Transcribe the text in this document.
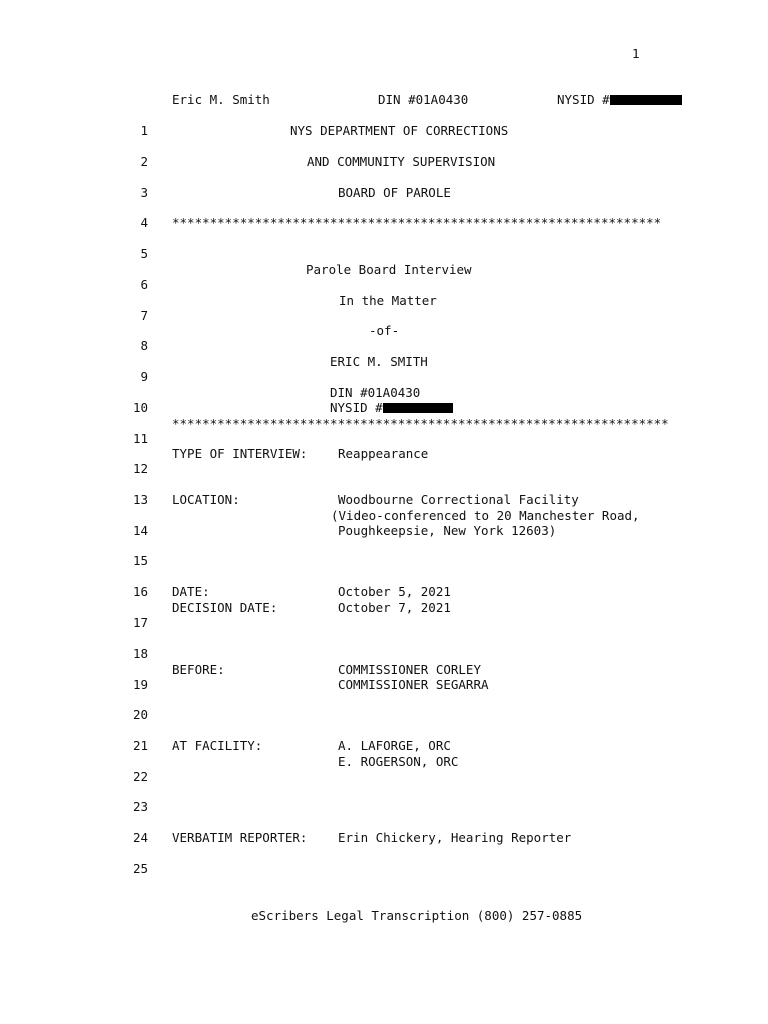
1
Eric M. Smith	DIN #01A0430	NYSID #
1
2
3
4
5
6
7
8
9
10
11
12
13
14
15
16
17
18
19
20
21
22
23
24
25
NYS DEPARTMENT OF CORRECTIONS
AND COMMUNITY SUPERVISION
BOARD OF PAROLE
*****************************************************************
Parole Board Interview
In the Matter
-of-
ERIC M. SMITH
DIN #01A0430
NYSID #
******************************************************************
TYPE OF INTERVIEW: Reappearance
LOCATION:	Woodbourne Correctional Facility
(Video-conferenced to 20 Manchester Road,
Poughkeepsie, New York 12603)
DATE:	October 5, 2021
DECISION DATE:	October 7, 2021
BEFORE:	COMMISSIONER CORLEY
COMMISSIONER SEGARRA
AT FACILITY:	A. LAFORGE, ORC
E. ROGERSON, ORC
VERBATIM REPORTER: Erin Chickery, Hearing Reporter
eScribers Legal Transcription (800) 257-0885
